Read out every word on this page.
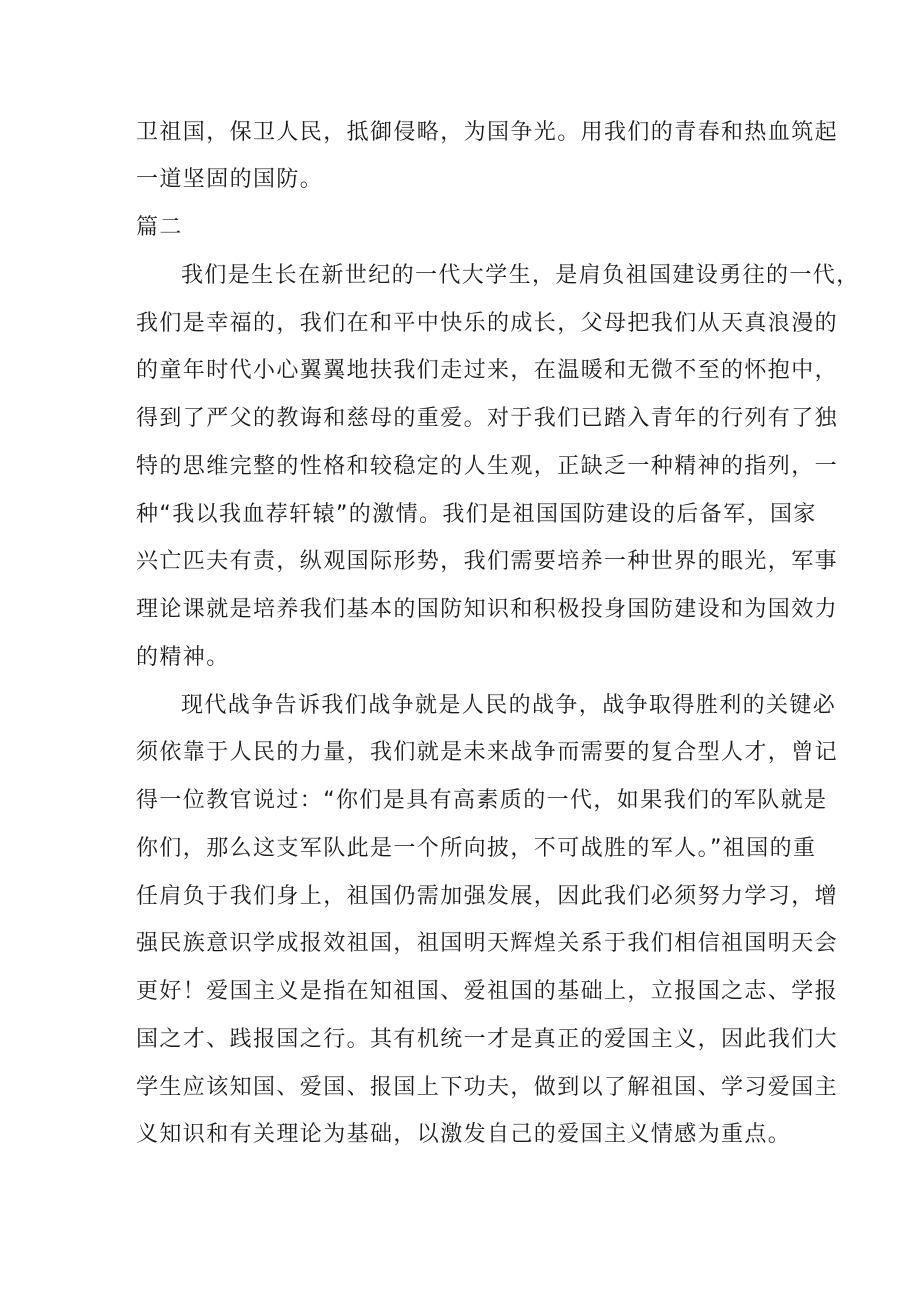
卫祖国，保卫人民，抵御侵略，为国争光。用我们的青春和热血筑起
一道坚固的国防。
篇二
我们是生长在新世纪的一代大学生，是肩负祖国建设勇往的一代，
我们是幸福的，我们在和平中快乐的成长，父母把我们从天真浪漫的
的童年时代小心翼翼地扶我们走过来，在温暖和无微不至的怀抱中，
得到了严父的教诲和慈母的重爱。对于我们已踏入青年的行列有了独
特的思维完整的性格和较稳定的人生观，正缺乏一种精神的指列，一
种“我以我血荐轩辕”的激情。我们是祖国国防建设的后备军，国家
兴亡匹夫有责，纵观国际形势，我们需要培养一种世界的眼光，军事
理论课就是培养我们基本的国防知识和积极投身国防建设和为国效力
的精神。
现代战争告诉我们战争就是人民的战争，战争取得胜利的关键必
须依靠于人民的力量，我们就是未来战争而需要的复合型人才，曾记
得一位教官说过：“你们是具有高素质的一代，如果我们的军队就是
你们，那么这支军队此是一个所向披，不可战胜的军人。”祖国的重
任肩负于我们身上，祖国仍需加强发展，因此我们必须努力学习，增
强民族意识学成报效祖国，祖国明天辉煌关系于我们相信祖国明天会
更好！爱国主义是指在知祖国、爱祖国的基础上，立报国之志、学报
国之才、践报国之行。其有机统一才是真正的爱国主义，因此我们大
学生应该知国、爱国、报国上下功夫，做到以了解祖国、学习爱国主
义知识和有关理论为基础，以激发自己的爱国主义情感为重点。
